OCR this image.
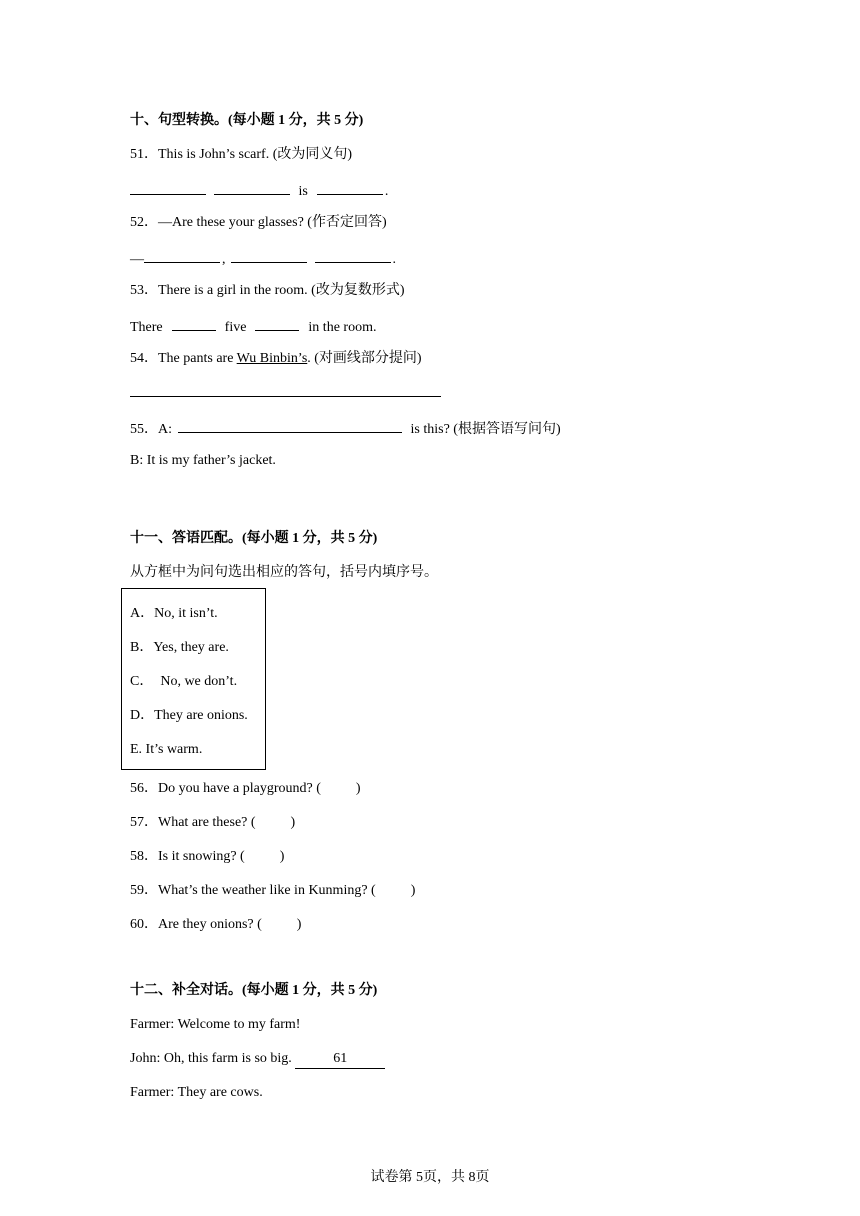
十、句型转换。(每小题 1 分，共 5 分)
51．This is John’s scarf. (改为同义句)
is	.
52．—Are these your glasses? (作否定回答)
—	,	.
53．There is a girl in the room. (改为复数形式)
There	five	in the room.
54．The pants are Wu Binbin’s. (对画线部分提问)
55．A:	is this? (根据答语写问句)
B: It is my father’s jacket.
十一、答语匹配。(每小题 1 分，共 5 分)
从方框中为问句选出相应的答句，括号内填序号。
A．No, it isn’t.
B．Yes, they are.
C．  No, we don’t.
D．They are onions.
E. It’s warm.
56．Do you have a playground? (          )
57．What are these? (          )
58．Is it snowing? (          )
59．What’s the weather like in Kunming? (          )
60．Are they onions? (          )
十二、补全对话。(每小题 1 分，共 5 分)
Farmer: Welcome to my farm!
John: Oh, this farm is so big.	61
Farmer: They are cows.
试卷第 5页，共 8页
